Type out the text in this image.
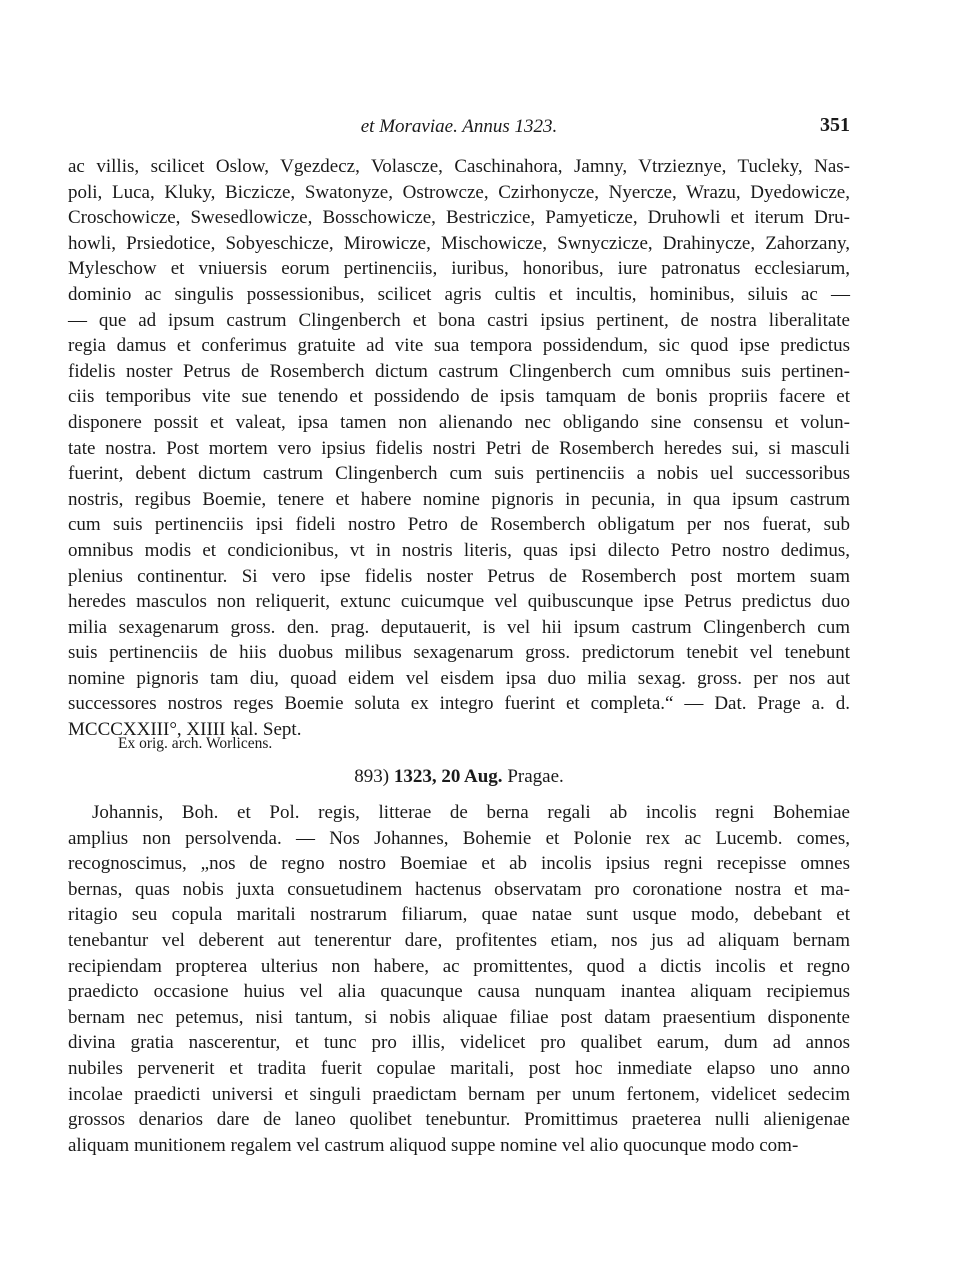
et Moraviae. Annus 1323.	351
ac villis, scilicet Oslow, Vgezdecz, Volascze, Caschinahora, Jamny, Vtrzieznye, Tucleky, Nas-
poli, Luca, Kluky, Biczicze, Swatonyze, Ostrowcze, Czirhonycze, Nyercze, Wrazu, Dyedowicze,
Croschowicze, Swesedlowicze, Bosschowicze, Bestriczice, Pamyeticze, Druhowli et iterum Dru-
howli, Prsiedotice, Sobyeschicze, Mirowicze, Mischowicze, Swnyczicze, Drahinycze, Zahorzany,
Myleschow et vniuersis eorum pertinenciis, iuribus, honoribus, iure patronatus ecclesiarum,
dominio ac singulis possessionibus, scilicet agris cultis et incultis, hominibus, siluis ac —
— que ad ipsum castrum Clingenberch et bona castri ipsius pertinent, de nostra liberalitate
regia damus et conferimus gratuite ad vite sua tempora possidendum, sic quod ipse predictus
fidelis noster Petrus de Rosemberch dictum castrum Clingenberch cum omnibus suis pertinen-
ciis temporibus vite sue tenendo et possidendo de ipsis tamquam de bonis propriis facere et
disponere possit et valeat, ipsa tamen non alienando nec obligando sine consensu et volun-
tate nostra. Post mortem vero ipsius fidelis nostri Petri de Rosemberch heredes sui, si masculi
fuerint, debent dictum castrum Clingenberch cum suis pertinenciis a nobis uel successoribus
nostris, regibus Boemie, tenere et habere nomine pignoris in pecunia, in qua ipsum castrum
cum suis pertinenciis ipsi fideli nostro Petro de Rosemberch obligatum per nos fuerat, sub
omnibus modis et condicionibus, vt in nostris literis, quas ipsi dilecto Petro nostro dedimus,
plenius continentur. Si vero ipse fidelis noster Petrus de Rosemberch post mortem suam
heredes masculos non reliquerit, extunc cuicumque vel quibuscunque ipse Petrus predictus duo
milia sexagenarum gross. den. prag. deputauerit, is vel hii ipsum castrum Clingenberch cum
suis pertinenciis de hiis duobus milibus sexagenarum gross. predictorum tenebit vel tenebunt
nomine pignoris tam diu, quoad eidem vel eisdem ipsa duo milia sexag. gross. per nos aut
successores nostros reges Boemie soluta ex integro fuerint et completa.“ — Dat. Prage a. d.
MCCCXXIII°, XIIII kal. Sept.
Ex orig. arch. Worlicens.
893) 1323, 20 Aug. Pragae.
Johannis, Boh. et Pol. regis, litterae de berna regali ab incolis regni Bohemiae
amplius non persolvenda. — Nos Johannes, Bohemie et Polonie rex ac Lucemb. comes,
recognoscimus, „nos de regno nostro Boemiae et ab incolis ipsius regni recepisse omnes
bernas, quas nobis juxta consuetudinem hactenus observatam pro coronatione nostra et ma-
ritagio seu copula maritali nostrarum filiarum, quae natae sunt usque modo, debebant et
tenebantur vel deberent aut tenerentur dare, profitentes etiam, nos jus ad aliquam bernam
recipiendam propterea ulterius non habere, ac promittentes, quod a dictis incolis et regno
praedicto occasione huius vel alia quacunque causa nunquam inantea aliquam recipiemus
bernam nec petemus, nisi tantum, si nobis aliquae filiae post datam praesentium disponente
divina gratia nascerentur, et tunc pro illis, videlicet pro qualibet earum, dum ad annos
nubiles pervenerit et tradita fuerit copulae maritali, post hoc inmediate elapso uno anno
incolae praedicti universi et singuli praedictam bernam per unum fertonem, videlicet sedecim
grossos denarios dare de laneo quolibet tenebuntur. Promittimus praeterea nulli alienigenae
aliquam munitionem regalem vel castrum aliquod suppe nomine vel alio quocunque modo com-
